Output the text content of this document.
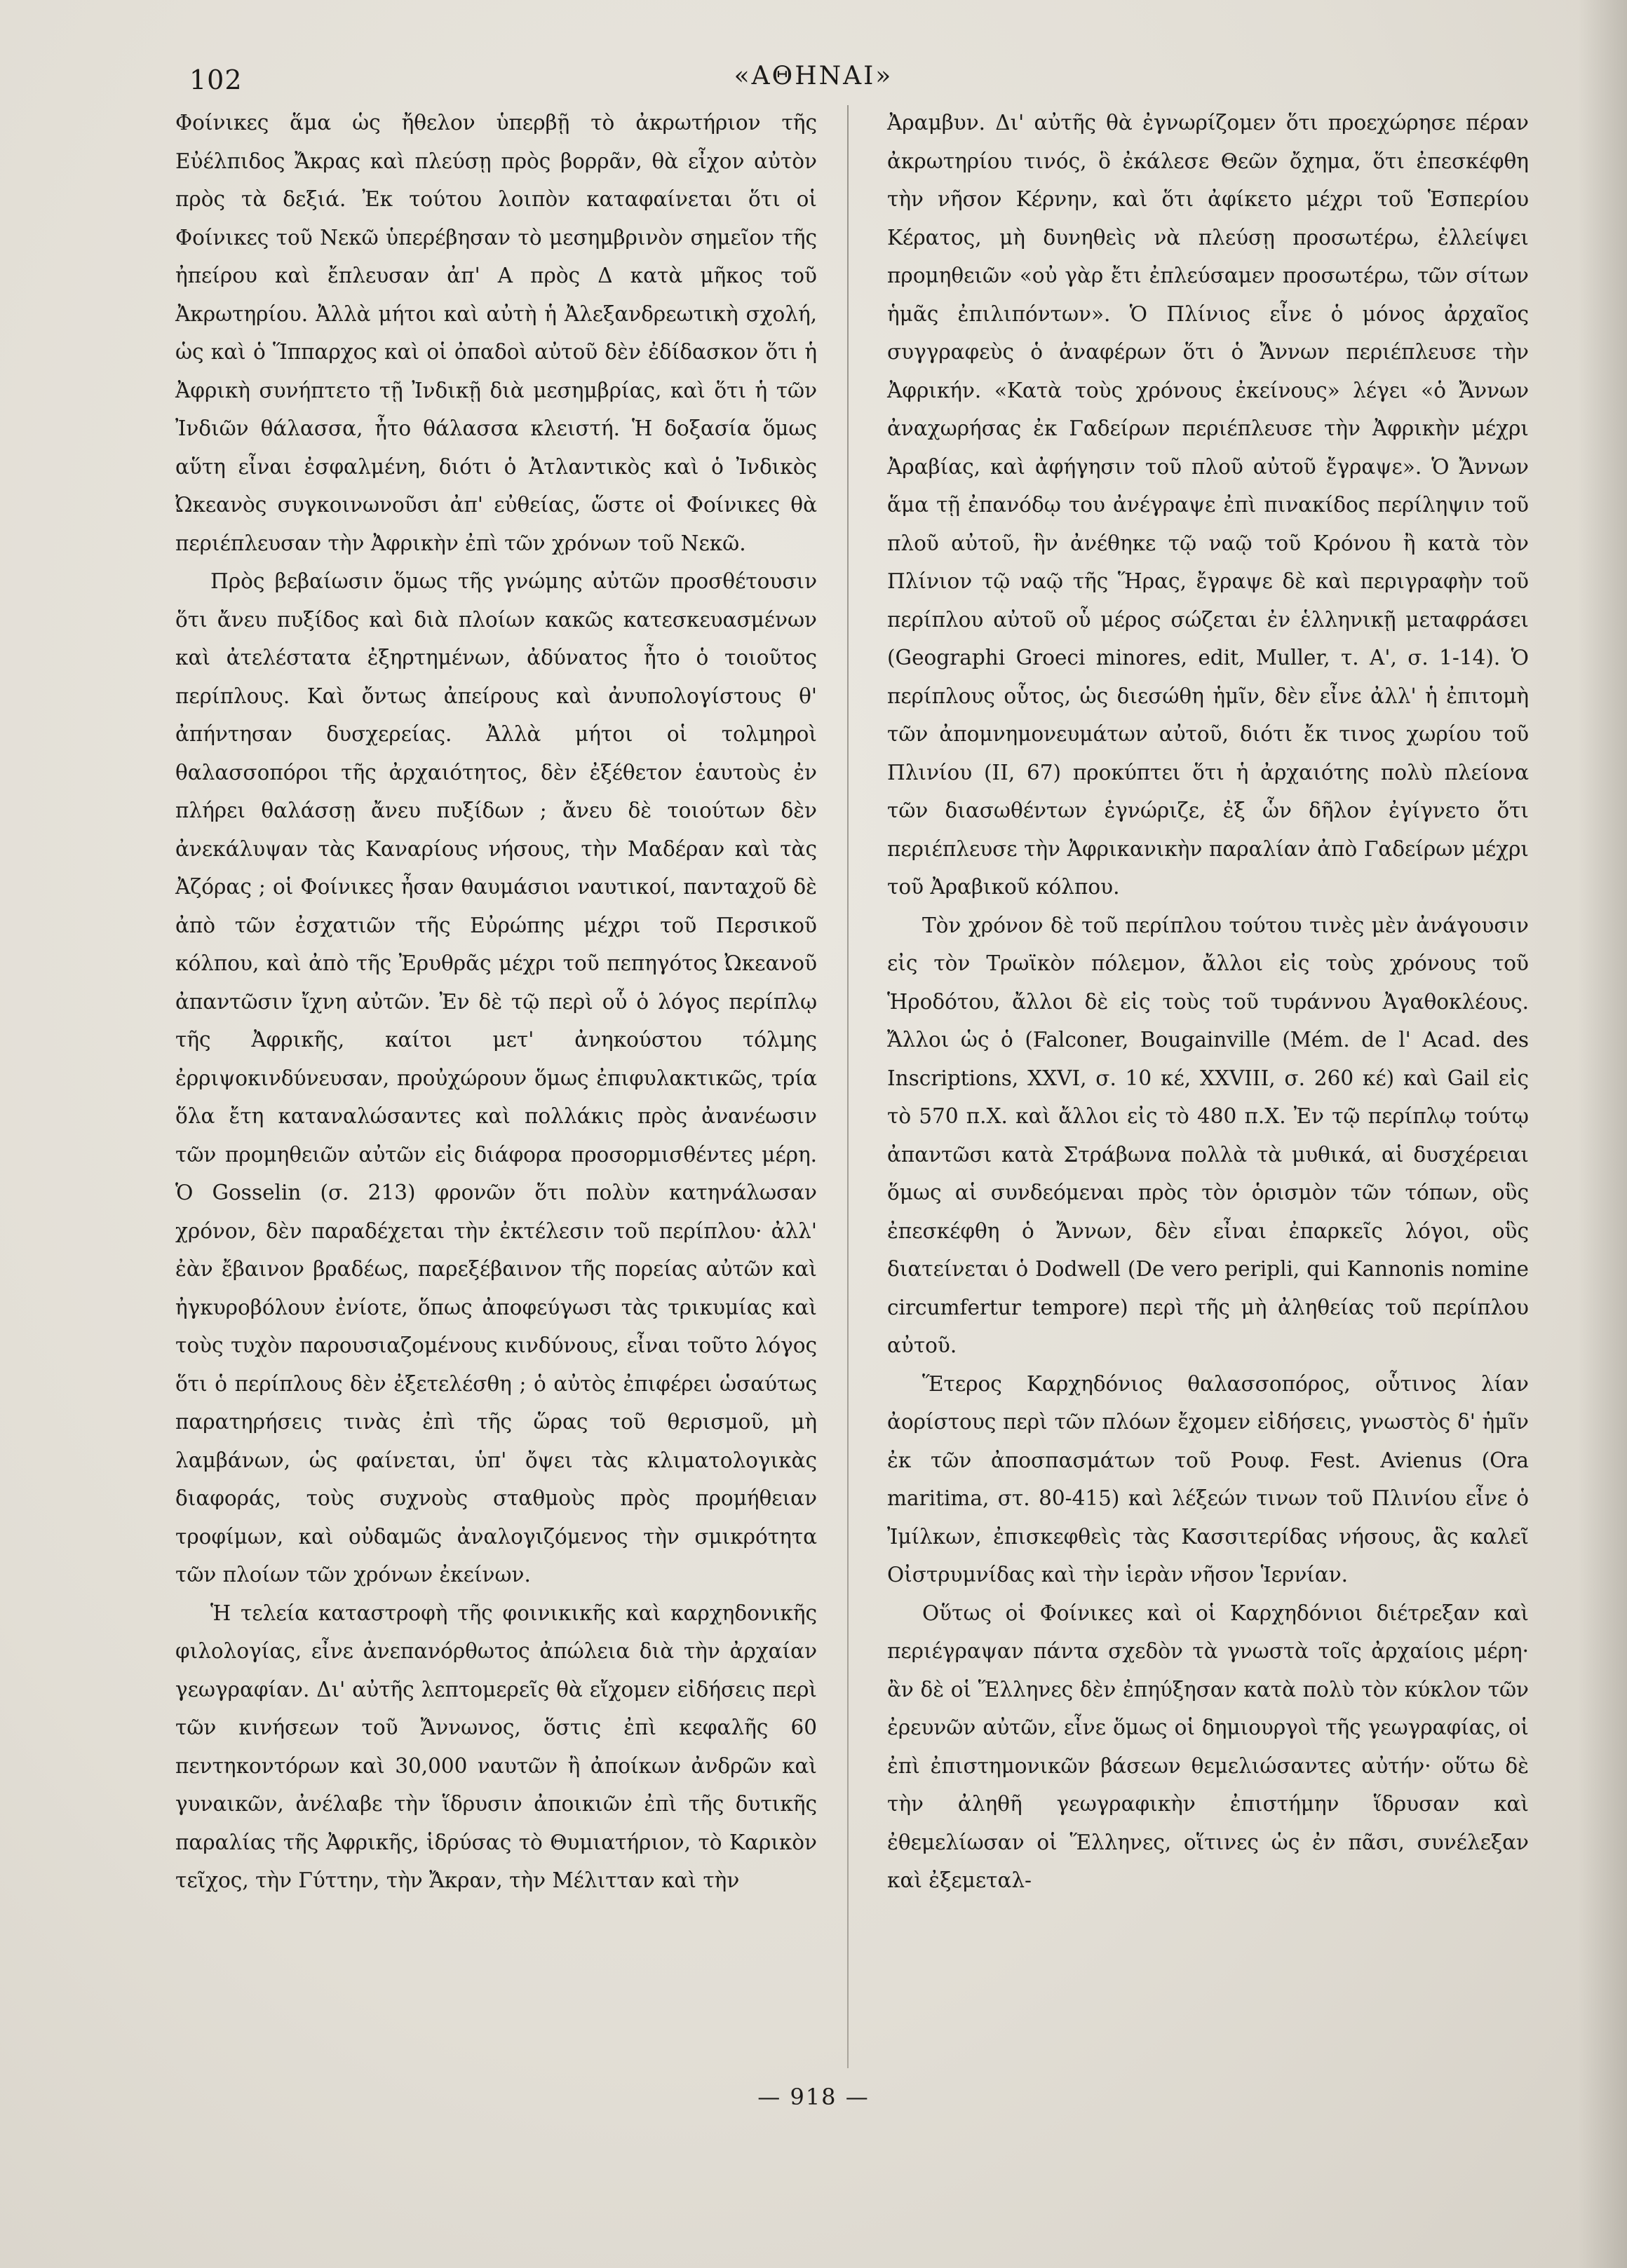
102	«ΑΘΗΝΑΙ»

Φοίνικες ἅμα ὡς ἤθελον ὑπερβῇ τὸ ἀκρωτήριον τῆς Εὐέλπιδος Ἄκρας καὶ πλεύσῃ πρὸς βορρᾶν, θὰ εἶχον αὐτὸν πρὸς τὰ δεξιά. Ἐκ τούτου λοιπὸν καταφαίνεται ὅτι οἱ Φοίνικες τοῦ Νεκῶ ὑπερέβησαν τὸ μεσημβρινὸν σημεῖον τῆς ἠπείρου καὶ ἔπλευσαν ἀπ' Α πρὸς Δ κατὰ μῆκος τοῦ Ἀκρωτηρίου. Ἀλλὰ μήτοι καὶ αὐτὴ ἡ Ἀλεξανδρεωτικὴ σχολή, ὡς καὶ ὁ Ἵππαρχος καὶ οἱ ὀπαδοὶ αὐτοῦ δὲν ἐδίδασκον ὅτι ἡ Ἀφρικὴ συνήπτετο τῇ Ἰνδικῇ διὰ μεσημβρίας, καὶ ὅτι ἡ τῶν Ἰνδιῶν θάλασσα, ἦτο θάλασσα κλειστή. Ἡ δοξασία ὅμως αὕτη εἶναι ἐσφαλμένη, διότι ὁ Ἀτλαντικὸς καὶ ὁ Ἰνδικὸς Ὠκεανὸς συγκοινωνοῦσι ἀπ' εὐθείας, ὥστε οἱ Φοίνικες θὰ περιέπλευσαν τὴν Ἀφρικὴν ἐπὶ τῶν χρόνων τοῦ Νεκῶ.

Πρὸς βεβαίωσιν ὅμως τῆς γνώμης αὐτῶν προσθέτουσιν ὅτι ἄνευ πυξίδος καὶ διὰ πλοίων κακῶς κατεσκευασμένων καὶ ἀτελέστατα ἐξηρτημένων, ἀδύνατος ἦτο ὁ τοιοῦτος περίπλους. Καὶ ὄντως ἀπείρους καὶ ἀνυπολογίστους θ' ἀπήντησαν δυσχερείας. Ἀλλὰ μήτοι οἱ τολμηροὶ θαλασσοπόροι τῆς ἀρχαιότητος, δὲν ἐξέθετον ἑαυτοὺς ἐν πλήρει θαλάσσῃ ἄνευ πυξίδων ; ἄνευ δὲ τοιούτων δὲν ἀνεκάλυψαν τὰς Καναρίους νήσους, τὴν Μαδέραν καὶ τὰς Ἀζόρας ; οἱ Φοίνικες ἦσαν θαυμάσιοι ναυτικοί, πανταχοῦ δὲ ἀπὸ τῶν ἐσχατιῶν τῆς Εὐρώπης μέχρι τοῦ Περσικοῦ κόλπου, καὶ ἀπὸ τῆς Ἐρυθρᾶς μέχρι τοῦ πεπηγότος Ὠκεανοῦ ἀπαντῶσιν ἴχνη αὐτῶν. Ἐν δὲ τῷ περὶ οὗ ὁ λόγος περίπλῳ τῆς Ἀφρικῆς, καίτοι μετ' ἀνηκούστου τόλμης ἐρριψοκινδύνευσαν, προὐχώρουν ὅμως ἐπιφυλακτικῶς, τρία ὅλα ἔτη καταναλώσαντες καὶ πολλάκις πρὸς ἀνανέωσιν τῶν προμηθειῶν αὐτῶν εἰς διάφορα προσορμισθέντες μέρη. Ὁ Gosselin (σ. 213) φρονῶν ὅτι πολὺν κατηνάλωσαν χρόνον, δὲν παραδέχεται τὴν ἐκτέλεσιν τοῦ περίπλου· ἀλλ' ἐὰν ἔβαινον βραδέως, παρεξέβαινον τῆς πορείας αὐτῶν καὶ ἠγκυροβόλουν ἐνίοτε, ὅπως ἀποφεύγωσι τὰς τρικυμίας καὶ τοὺς τυχὸν παρουσιαζομένους κινδύνους, εἶναι τοῦτο λόγος ὅτι ὁ περίπλους δὲν ἐξετελέσθη ; ὁ αὐτὸς ἐπιφέρει ὡσαύτως παρατηρήσεις τινὰς ἐπὶ τῆς ὥρας τοῦ θερισμοῦ, μὴ λαμβάνων, ὡς φαίνεται, ὑπ' ὄψει τὰς κλιματολογικὰς διαφοράς, τοὺς συχνοὺς σταθμοὺς πρὸς προμήθειαν τροφίμων, καὶ οὐδαμῶς ἀναλογιζόμενος τὴν σμικρότητα τῶν πλοίων τῶν χρόνων ἐκείνων.

Ἡ τελεία καταστροφὴ τῆς φοινικικῆς καὶ καρχηδονικῆς φιλολογίας, εἶνε ἀνεπανόρθωτος ἀπώλεια διὰ τὴν ἀρχαίαν γεωγραφίαν. Δι' αὐτῆς λεπτομερεῖς θὰ εἴχομεν εἰδήσεις περὶ τῶν κινήσεων τοῦ Ἄννωνος, ὅστις ἐπὶ κεφαλῆς 60 πεντηκοντόρων καὶ 30,000 ναυτῶν ἢ ἀποίκων ἀνδρῶν καὶ γυναικῶν, ἀνέλαβε τὴν ἵδρυσιν ἀποικιῶν ἐπὶ τῆς δυτικῆς παραλίας τῆς Ἀφρικῆς, ἱδρύσας τὸ Θυμιατήριον, τὸ Καρικὸν τεῖχος, τὴν Γύττην, τὴν Ἄκραν, τὴν Μέλιτταν καὶ τὴν

Ἀραμβυν. Δι' αὐτῆς θὰ ἐγνωρίζομεν ὅτι προεχώρησε πέραν ἀκρωτηρίου τινός, ὃ ἐκάλεσε Θεῶν ὄχημα, ὅτι ἐπεσκέφθη τὴν νῆσον Κέρνην, καὶ ὅτι ἀφίκετο μέχρι τοῦ Ἑσπερίου Κέρατος, μὴ δυνηθεὶς νὰ πλεύσῃ προσωτέρω, ἐλλείψει προμηθειῶν «οὐ γὰρ ἔτι ἐπλεύσαμεν προσωτέρω, τῶν σίτων ἡμᾶς ἐπιλιπόντων». Ὁ Πλίνιος εἶνε ὁ μόνος ἀρχαῖος συγγραφεὺς ὁ ἀναφέρων ὅτι ὁ Ἄννων περιέπλευσε τὴν Ἀφρικήν. «Κατὰ τοὺς χρόνους ἐκείνους» λέγει «ὁ Ἄννων ἀναχωρήσας ἐκ Γαδείρων περιέπλευσε τὴν Ἀφρικὴν μέχρι Ἀραβίας, καὶ ἀφήγησιν τοῦ πλοῦ αὐτοῦ ἔγραψε». Ὁ Ἄννων ἅμα τῇ ἐπανόδῳ του ἀνέγραψε ἐπὶ πινακίδος περίληψιν τοῦ πλοῦ αὐτοῦ, ἣν ἀνέθηκε τῷ ναῷ τοῦ Κρόνου ἢ κατὰ τὸν Πλίνιον τῷ ναῷ τῆς Ἥρας, ἔγραψε δὲ καὶ περιγραφὴν τοῦ περίπλου αὐτοῦ οὗ μέρος σώζεται ἐν ἑλληνικῇ μεταφράσει (Geographi Groeci minores, edit, Muller, τ. Α', σ. 1-14). Ὁ περίπλους οὗτος, ὡς διεσώθη ἡμῖν, δὲν εἶνε ἀλλ' ἡ ἐπιτομὴ τῶν ἀπομνημονευμάτων αὐτοῦ, διότι ἔκ τινος χωρίου τοῦ Πλινίου (ΙΙ, 67) προκύπτει ὅτι ἡ ἀρχαιότης πολὺ πλείονα τῶν διασωθέντων ἐγνώριζε, ἐξ ὧν δῆλον ἐγίγνετο ὅτι περιέπλευσε τὴν Ἀφρικανικὴν παραλίαν ἀπὸ Γαδείρων μέχρι τοῦ Ἀραβικοῦ κόλπου.

Τὸν χρόνον δὲ τοῦ περίπλου τούτου τινὲς μὲν ἀνάγουσιν εἰς τὸν Τρωϊκὸν πόλεμον, ἄλλοι εἰς τοὺς χρόνους τοῦ Ἡροδότου, ἄλλοι δὲ εἰς τοὺς τοῦ τυράννου Ἀγαθοκλέους. Ἄλλοι ὡς ὁ (Falconer, Bougainville (Mém. de l' Acad. des Inscriptions, XXVI, σ. 10 κέ, XXVIII, σ. 260 κέ) καὶ Gail εἰς τὸ 570 π.Χ. καὶ ἄλλοι εἰς τὸ 480 π.Χ. Ἐν τῷ περίπλῳ τούτῳ ἀπαντῶσι κατὰ Στράβωνα πολλὰ τὰ μυθικά, αἱ δυσχέρειαι ὅμως αἱ συνδεόμεναι πρὸς τὸν ὁρισμὸν τῶν τόπων, οὓς ἐπεσκέφθη ὁ Ἄννων, δὲν εἶναι ἐπαρκεῖς λόγοι, οὓς διατείνεται ὁ Dodwell (De vero peripli, qui Kannonis nomine circumfertur tempore) περὶ τῆς μὴ ἀληθείας τοῦ περίπλου αὐτοῦ.

Ἕτερος Καρχηδόνιος θαλασσοπόρος, οὗτινος λίαν ἀορίστους περὶ τῶν πλόων ἔχομεν εἰδήσεις, γνωστὸς δ' ἡμῖν ἐκ τῶν ἀποσπασμάτων τοῦ Ρουφ. Fest. Avienus (Ora maritima, στ. 80-415) καὶ λέξεών τινων τοῦ Πλινίου εἶνε ὁ Ἰμίλκων, ἐπισκεφθεὶς τὰς Κασσιτερίδας νήσους, ἃς καλεῖ Οἰστρυμνίδας καὶ τὴν ἱερὰν νῆσον Ἱερνίαν.

Οὕτως οἱ Φοίνικες καὶ οἱ Καρχηδόνιοι διέτρεξαν καὶ περιέγραψαν πάντα σχεδὸν τὰ γνωστὰ τοῖς ἀρχαίοις μέρη· ἂν δὲ οἱ Ἕλληνες δὲν ἐπηύξησαν κατὰ πολὺ τὸν κύκλον τῶν ἐρευνῶν αὐτῶν, εἶνε ὅμως οἱ δημιουργοὶ τῆς γεωγραφίας, οἱ ἐπὶ ἐπιστημονικῶν βάσεων θεμελιώσαντες αὐτήν· οὕτω δὲ τὴν ἀληθῆ γεωγραφικὴν ἐπιστήμην ἵδρυσαν καὶ ἐθεμελίωσαν οἱ Ἕλληνες, οἵτινες ὡς ἐν πᾶσι, συνέλεξαν καὶ ἐξεμεταλ-

— 918 —
